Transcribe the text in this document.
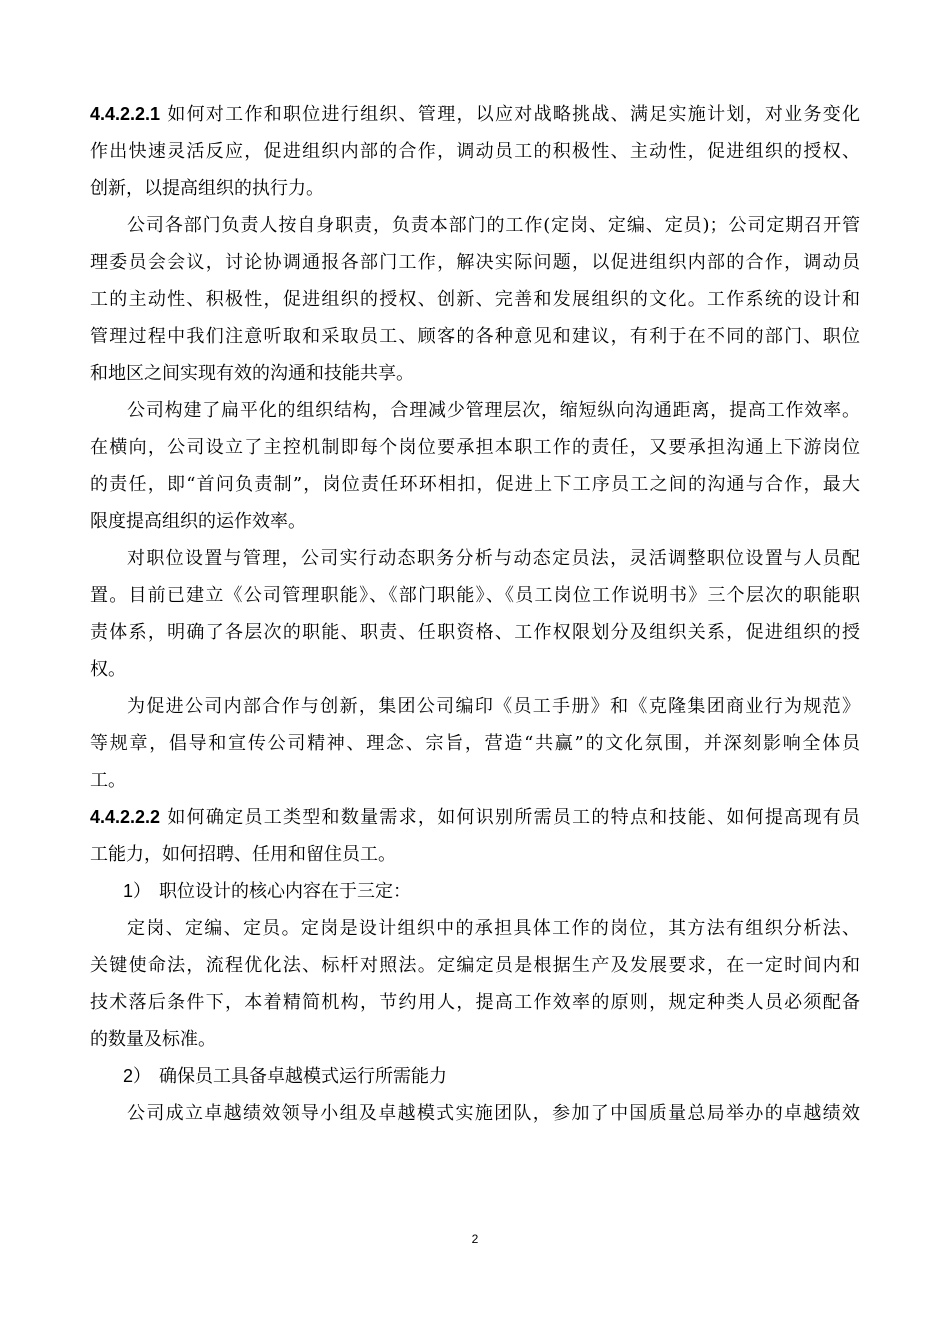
4.4.2.2.1 如何对工作和职位进行组织、管理，以应对战略挑战、满足实施计划，对业务变化
作出快速灵活反应，促进组织内部的合作，调动员工的积极性、主动性，促进组织的授权、
创新，以提高组织的执行力。
公司各部门负责人按自身职责，负责本部门的工作(定岗、定编、定员)；公司定期召开管
理委员会会议，讨论协调通报各部门工作，解决实际问题，以促进组织内部的合作，调动员
工的主动性、积极性，促进组织的授权、创新、完善和发展组织的文化。工作系统的设计和
管理过程中我们注意听取和采取员工、顾客的各种意见和建议，有利于在不同的部门、职位
和地区之间实现有效的沟通和技能共享。
公司构建了扁平化的组织结构，合理减少管理层次，缩短纵向沟通距离，提高工作效率。
在横向，公司设立了主控机制即每个岗位要承担本职工作的责任，又要承担沟通上下游岗位
的责任，即“首问负责制”，岗位责任环环相扣，促进上下工序员工之间的沟通与合作，最大
限度提高组织的运作效率。
对职位设置与管理，公司实行动态职务分析与动态定员法，灵活调整职位设置与人员配
置。目前已建立《公司管理职能》、《部门职能》、《员工岗位工作说明书》三个层次的职能职
责体系，明确了各层次的职能、职责、任职资格、工作权限划分及组织关系，促进组织的授
权。
为促进公司内部合作与创新，集团公司编印《员工手册》和《克隆集团商业行为规范》
等规章，倡导和宣传公司精神、理念、宗旨，营造“共赢”的文化氛围，并深刻影响全体员
工。
4.4.2.2.2 如何确定员工类型和数量需求，如何识别所需员工的特点和技能、如何提高现有员
工能力，如何招聘、任用和留住员工。
1） 职位设计的核心内容在于三定：
定岗、定编、定员。定岗是设计组织中的承担具体工作的岗位，其方法有组织分析法、
关键使命法，流程优化法、标杆对照法。定编定员是根据生产及发展要求，在一定时间内和
技术落后条件下，本着精简机构，节约用人，提高工作效率的原则，规定种类人员必须配备
的数量及标准。
2） 确保员工具备卓越模式运行所需能力
公司成立卓越绩效领导小组及卓越模式实施团队，参加了中国质量总局举办的卓越绩效
2
